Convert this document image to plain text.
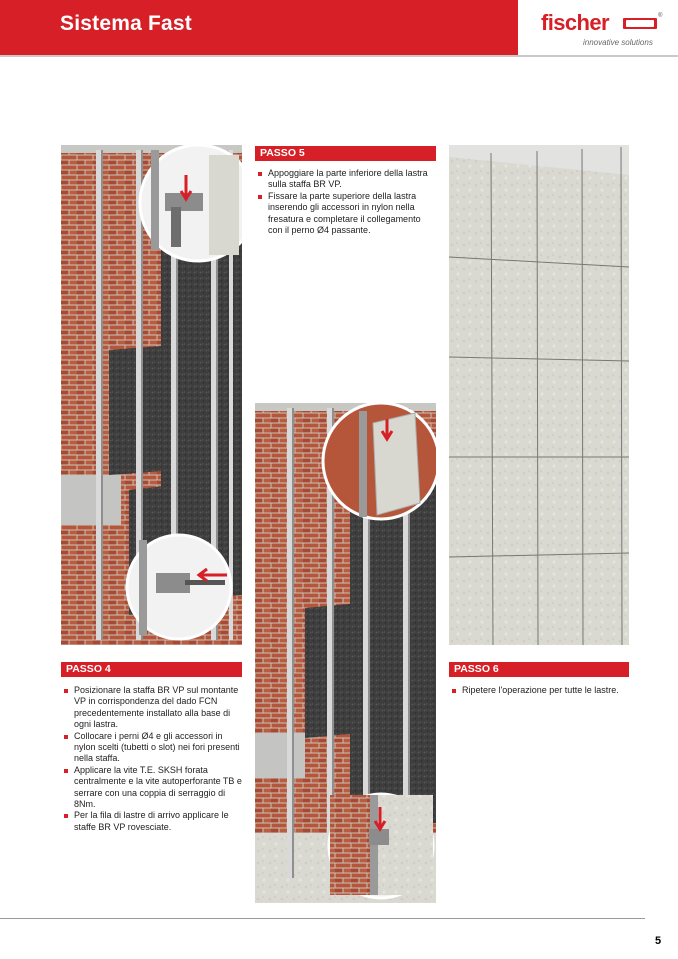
Sistema Fast	fischer	®
innovative solutions
PASSO 5
Appoggiare la parte inferiore della lastra sulla staffa BR VP.
Fissare la parte superiore della lastra inserendo gli accessori in nylon nella fresatura e completare il collegamento con il perno Ø4 passante.
PASSO 4
Posizionare la staffa BR VP sul montante VP in corrispondenza del dado FCN precedentemente installato alla base di ogni lastra.
Collocare i perni Ø4 e gli accessori in nylon scelti (tubetti o slot) nei fori presenti nella staffa.
Applicare la vite T.E. SKSH forata centralmente e la vite autoperforante TB e serrare con una coppia di serraggio di 8Nm.
Per la fila di lastre di arrivo applicare le staffe BR VP rovesciate.
PASSO 6
Ripetere l'operazione per tutte le lastre.
5
